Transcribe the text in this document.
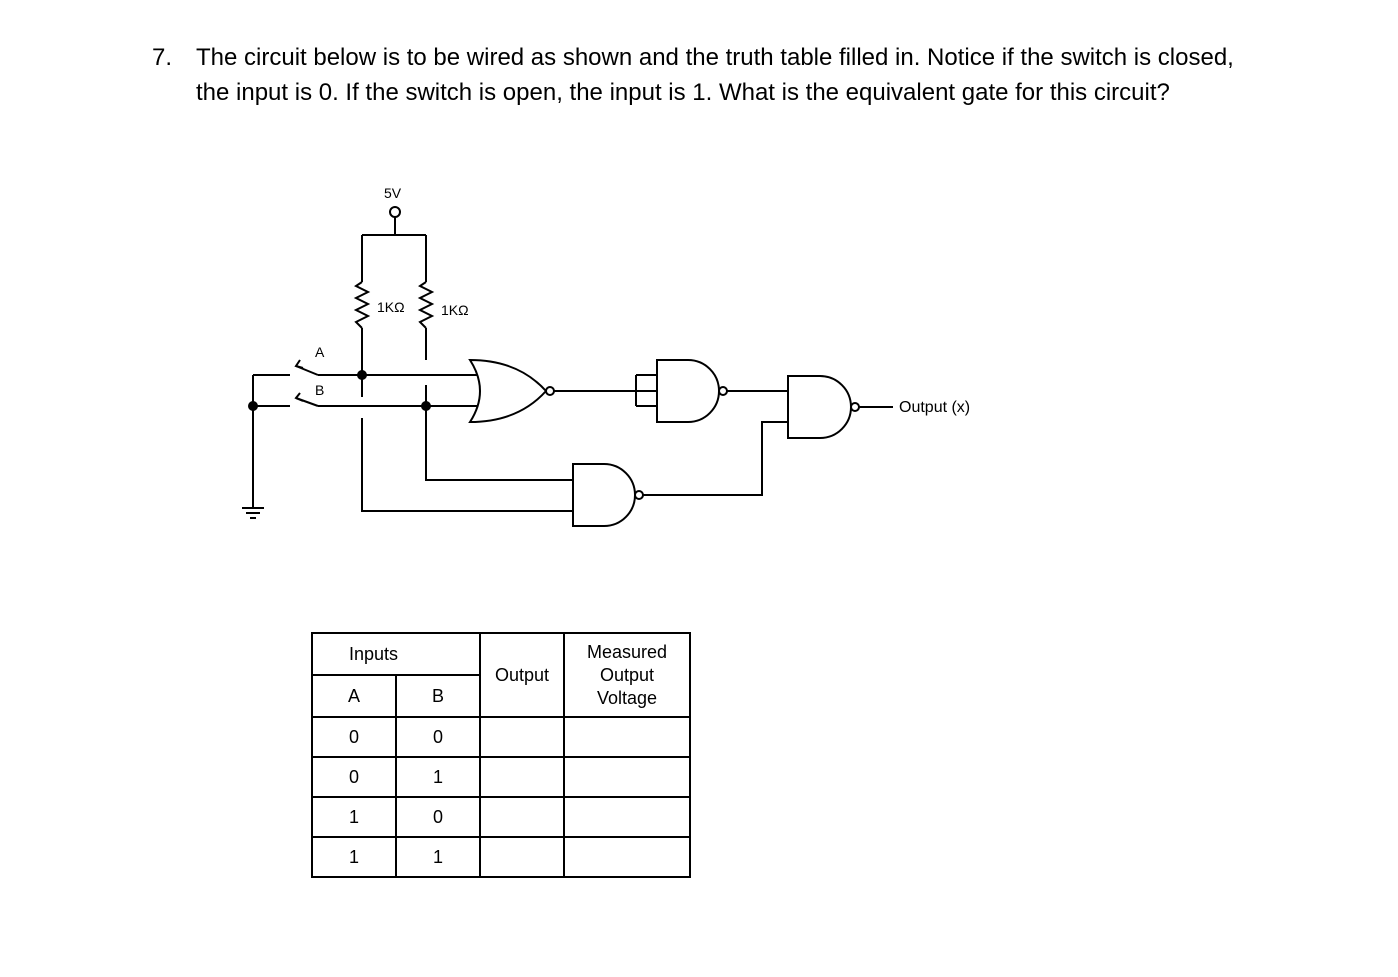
7. The circuit below is to be wired as shown and the truth table filled in. Notice if the switch is closed, the input is 0. If the switch is open, the input is 1. What is the equivalent gate for this circuit?
5V
1KΩ	1KΩ
A
B
Output (x)
Inputs		Output	Measured
Output
Voltage
A	B		
0	0		
0	1		
1	0		
1	1		
